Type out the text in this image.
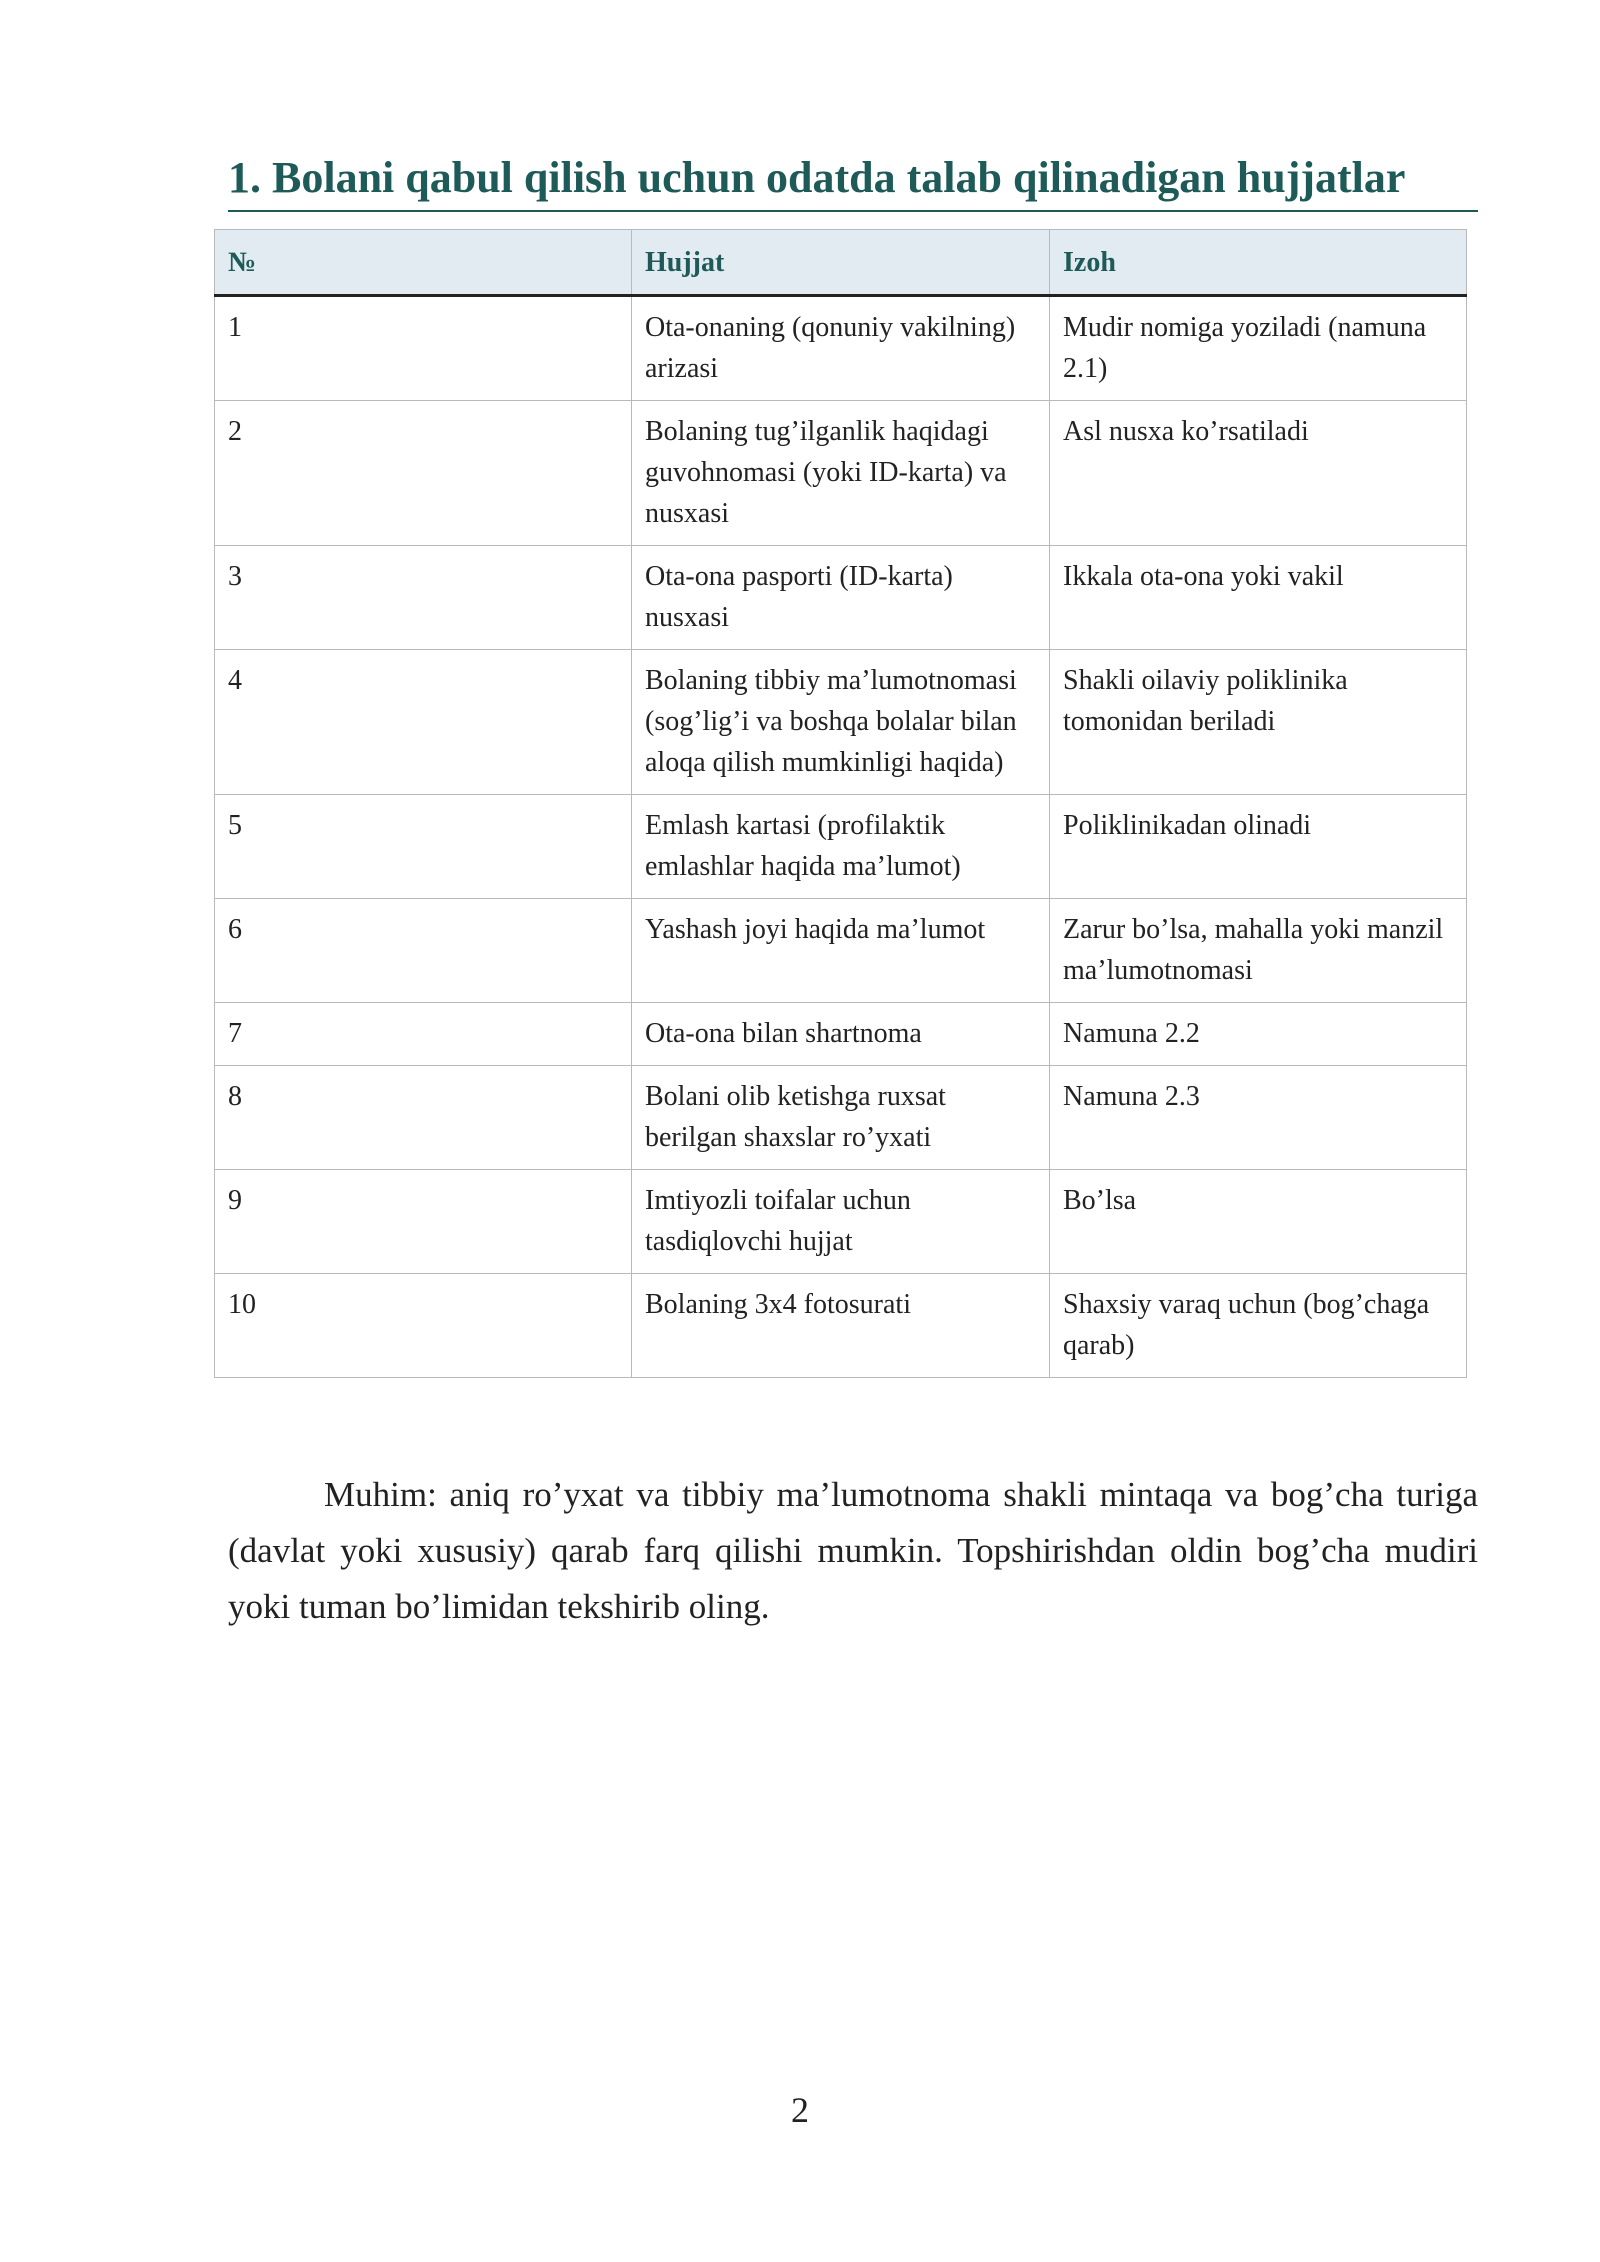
1. Bolani qabul qilish uchun odatda talab qilinadigan hujjatlar
№	Hujjat	Izoh
1	Ota-onaning (qonuniy vakilning) arizasi	Mudir nomiga yoziladi (namuna 2.1)
2	Bolaning tug’ilganlik haqidagi guvohnomasi (yoki ID-karta) va nusxasi	Asl nusxa ko’rsatiladi
3	Ota-ona pasporti (ID-karta) nusxasi	Ikkala ota-ona yoki vakil
4	Bolaning tibbiy ma’lumotnomasi (sog’lig’i va boshqa bolalar bilan aloqa qilish mumkinligi haqida)	Shakli oilaviy poliklinika tomonidan beriladi
5	Emlash kartasi (profilaktik emlashlar haqida ma’lumot)	Poliklinikadan olinadi
6	Yashash joyi haqida ma’lumot	Zarur bo’lsa, mahalla yoki manzil ma’lumotnomasi
7	Ota-ona bilan shartnoma	Namuna 2.2
8	Bolani olib ketishga ruxsat berilgan shaxslar ro’yxati	Namuna 2.3
9	Imtiyozli toifalar uchun tasdiqlovchi hujjat	Bo’lsa
10	Bolaning 3x4 fotosurati	Shaxsiy varaq uchun (bog’chaga qarab)

Muhim: aniq ro’yxat va tibbiy ma’lumotnoma shakli mintaqa va bog’cha turiga (davlat yoki xususiy) qarab farq qilishi mumkin. Topshirishdan oldin bog’cha mudiri yoki tuman bo’limidan tekshirib oling.

2
